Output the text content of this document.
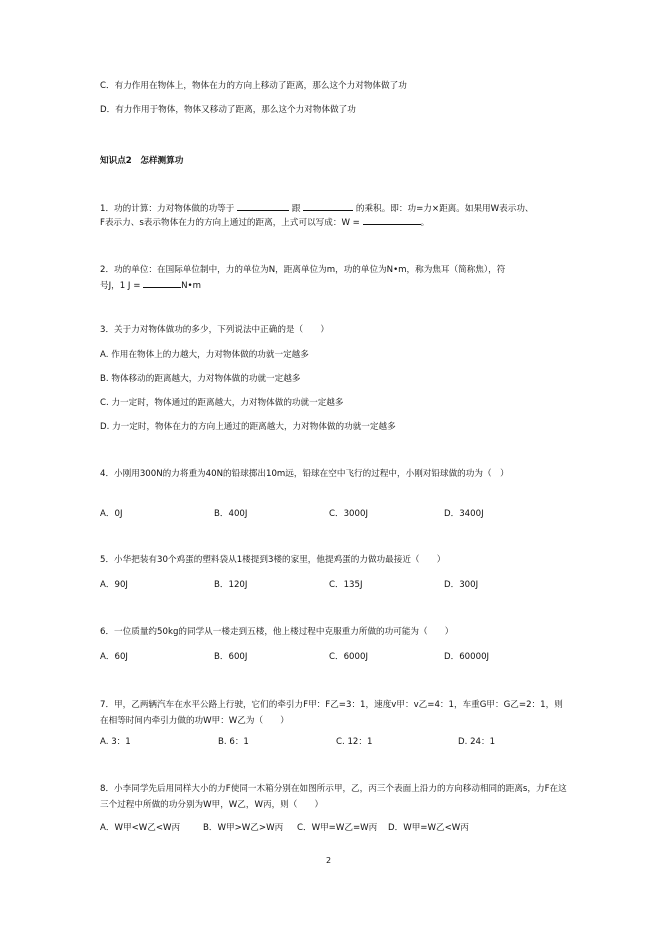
C．有力作用在物体上，物体在力的方向上移动了距离，那么这个力对物体做了功
D．有力作用于物体，物体又移动了距离，那么这个力对物体做了功
知识点2　怎样测算功
1．功的计算：力对物体做的功等于	跟	的乘积。即：功=力×距离。如果用W表示功、
F表示力、s表示物体在力的方向上通过的距离，上式可以写成：W =	。
2．功的单位：在国际单位制中，力的单位为N，距离单位为m，功的单位为N•m，称为焦耳（简称焦），符
号J，1 J =	N•m
3．关于力对物体做功的多少，下列说法中正确的是（　　）
A. 作用在物体上的力越大，力对物体做的功就一定越多
B. 物体移动的距离越大，力对物体做的功就一定越多
C. 力一定时，物体通过的距离越大，力对物体做的功就一定越多
D. 力一定时，物体在力的方向上通过的距离越大，力对物体做的功就一定越多
4．小刚用300N的力将重为40N的铅球掷出10m远，铅球在空中飞行的过程中，小刚对铅球做的功为（　）
A．0J	B．400J	C．3000J	D．3400J
5．小华把装有30个鸡蛋的塑料袋从1楼提到3楼的家里，他提鸡蛋的力做功最接近（　　）
A．90J	B．120J	C．135J	D．300J
6．一位质量约50kg的同学从一楼走到五楼，他上楼过程中克服重力所做的功可能为（　　）
A．60J	B．600J	C．6000J	D．60000J
7．甲，乙两辆汽车在水平公路上行驶，它们的牵引力F甲：F乙=3：1，速度v甲：v乙=4：1，车重G甲：G乙=2：1，则在相等时间内牵引力做的功W甲：W乙为（　　）
A. 3：1	B. 6：1	C. 12：1	D. 24：1
8．小李同学先后用同样大小的力F使同一木箱分别在如图所示甲，乙，丙三个表面上沿力的方向移动相同的距离s，力F在这三个过程中所做的功分别为W甲，W乙，W丙，则（　　）
A．W甲<W乙<W丙	B．W甲>W乙>W丙 C．W甲=W乙=W丙 D．W甲=W乙<W丙
2
